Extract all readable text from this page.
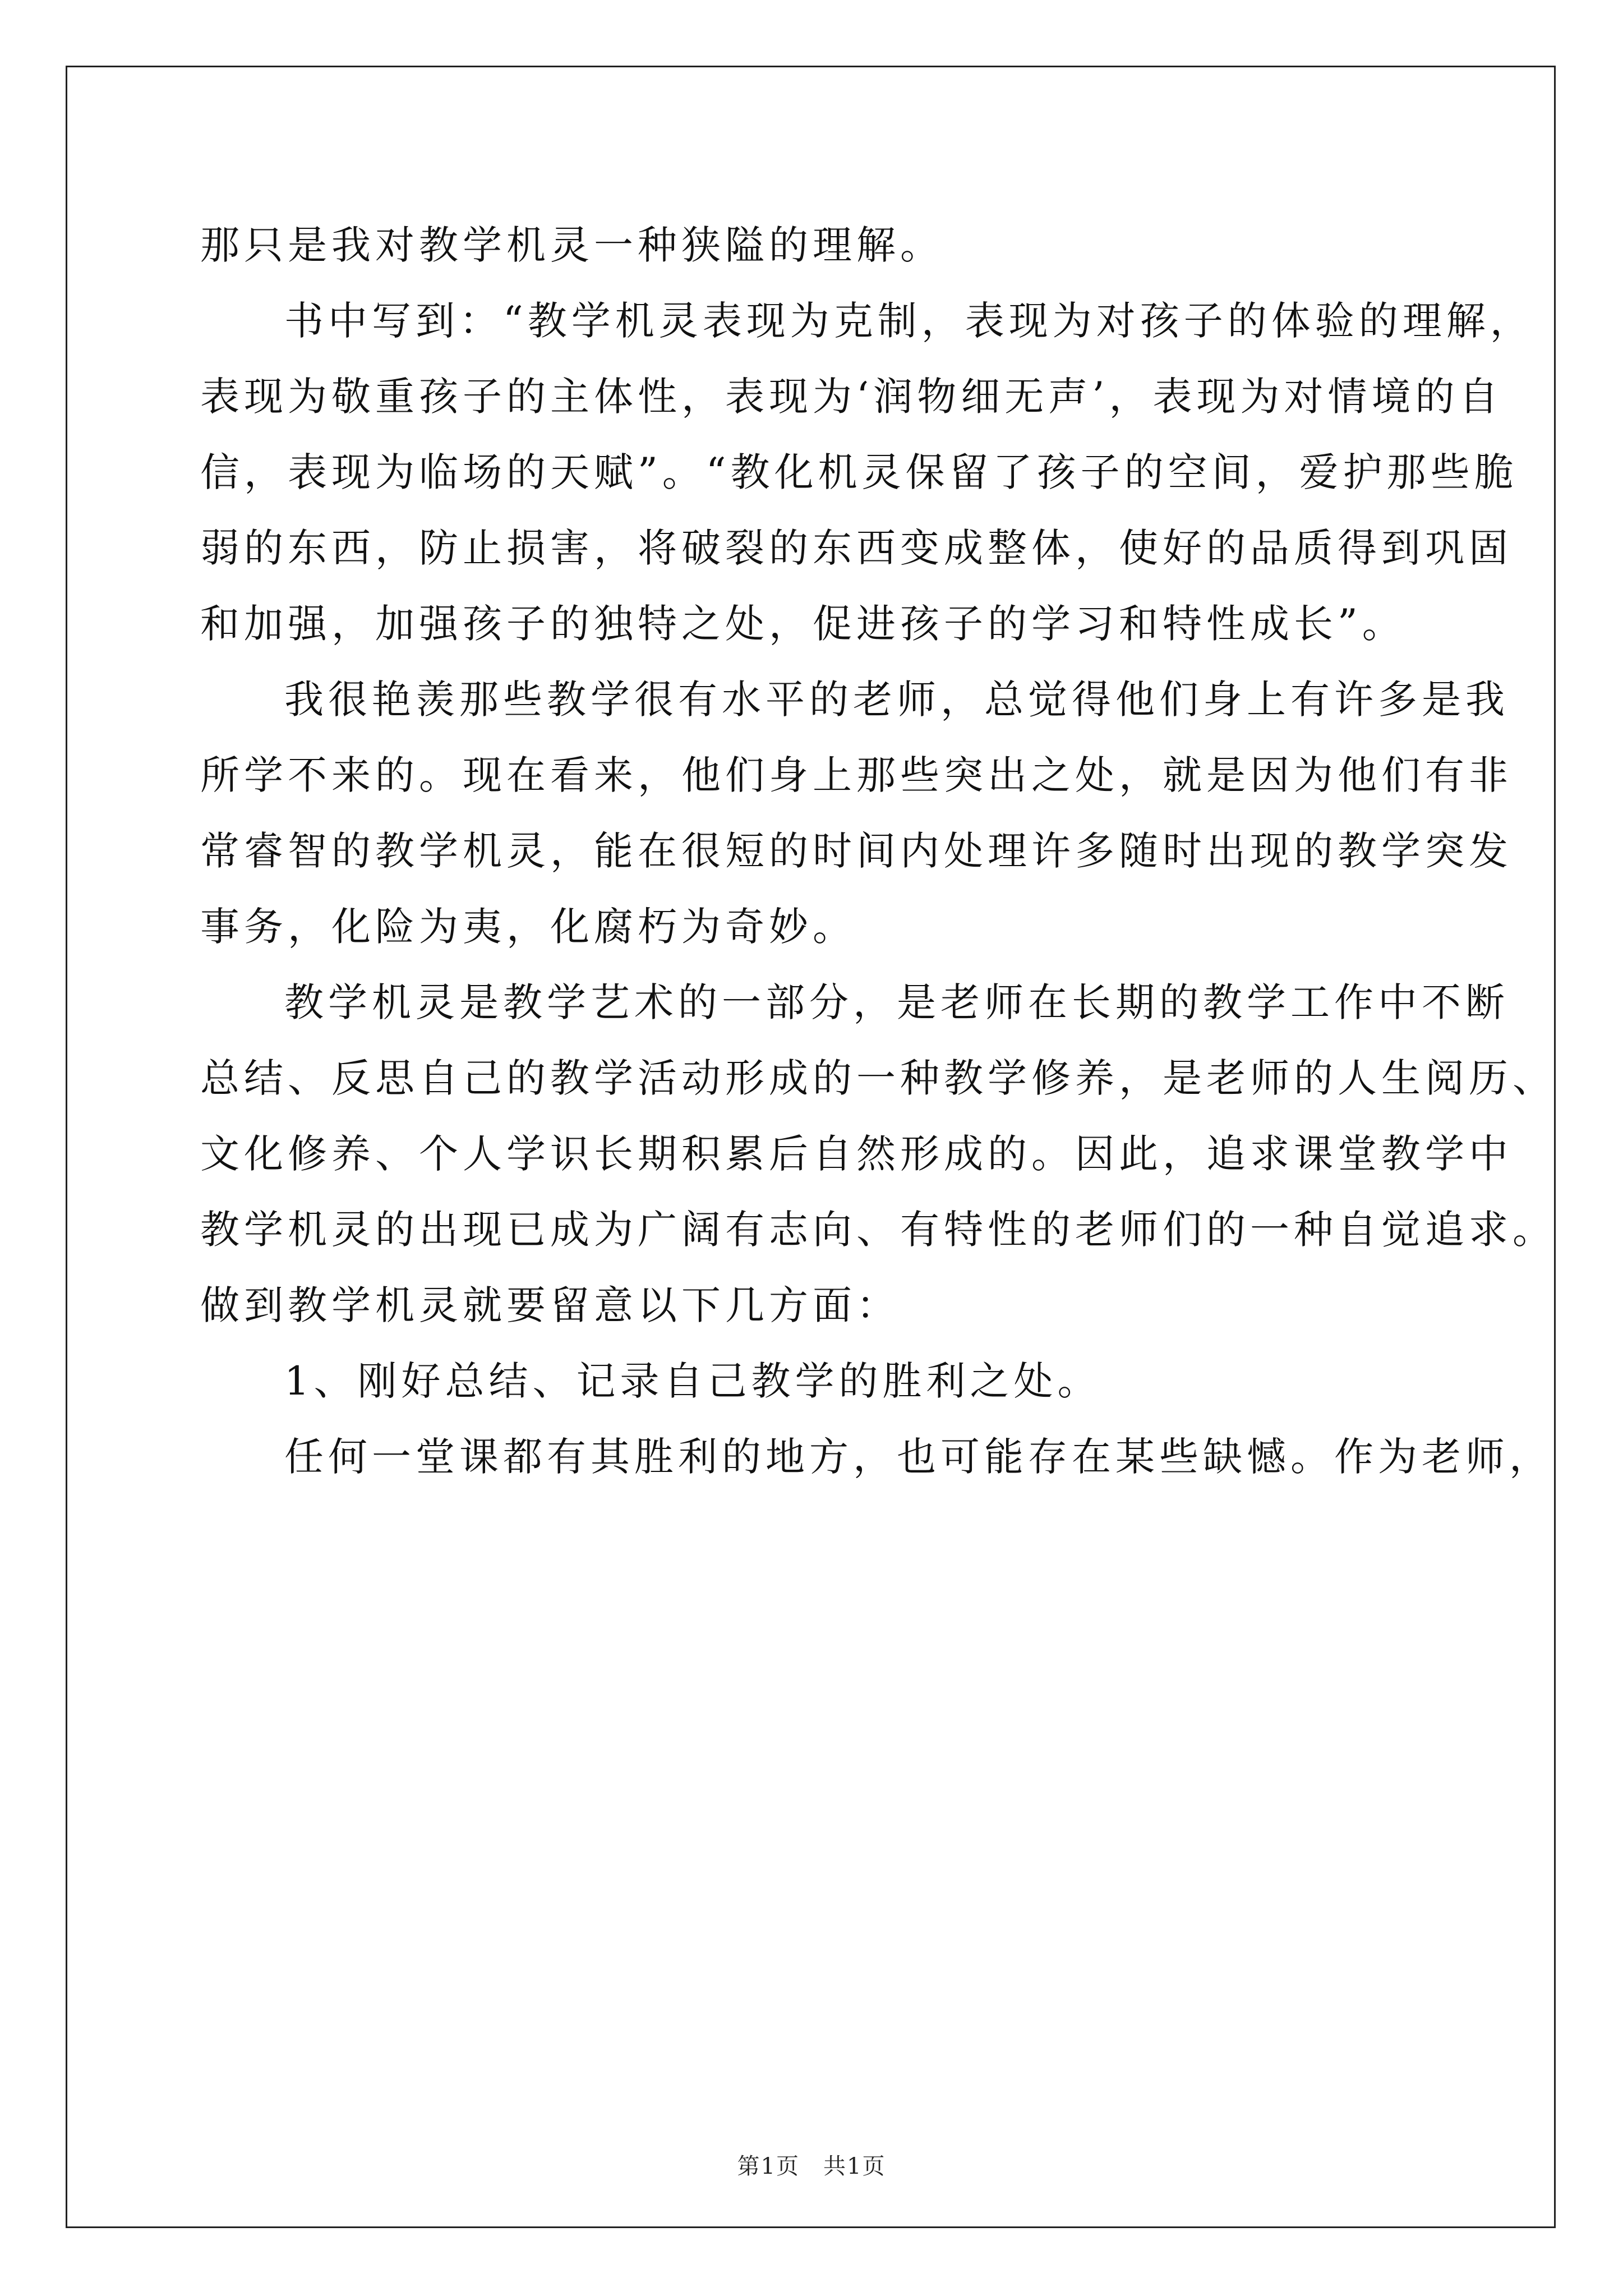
那只是我对教学机灵一种狭隘的理解。
书中写到：“教学机灵表现为克制，表现为对孩子的体验的理解，
表现为敬重孩子的主体性，表现为‘润物细无声’，表现为对情境的自
信，表现为临场的天赋”。“教化机灵保留了孩子的空间，爱护那些脆
弱的东西，防止损害，将破裂的东西变成整体，使好的品质得到巩固
和加强，加强孩子的独特之处，促进孩子的学习和特性成长”。
我很艳羡那些教学很有水平的老师，总觉得他们身上有许多是我
所学不来的。现在看来，他们身上那些突出之处，就是因为他们有非
常睿智的教学机灵，能在很短的时间内处理许多随时出现的教学突发
事务，化险为夷，化腐朽为奇妙。
教学机灵是教学艺术的一部分，是老师在长期的教学工作中不断
总结、反思自己的教学活动形成的一种教学修养，是老师的人生阅历、
文化修养、个人学识长期积累后自然形成的。因此，追求课堂教学中
教学机灵的出现已成为广阔有志向、有特性的老师们的一种自觉追求。
做到教学机灵就要留意以下几方面：
1、刚好总结、记录自己教学的胜利之处。
任何一堂课都有其胜利的地方，也可能存在某些缺憾。作为老师，
第1页　共1页
